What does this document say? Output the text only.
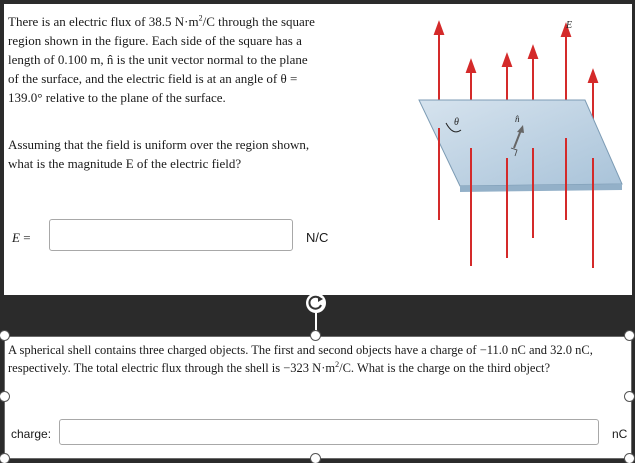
There is an electric flux of 38.5 $N\cdot m^2/C$ through the square region shown in the figure. Each side of the square has a length of 0.100 m, n̂ is the unit vector normal to the plane of the surface, and the electric field is at an angle of θ = 139.0° relative to the plane of the surface.
Assuming that the field is uniform over the region shown, what is the magnitude E of the electric field?
E =	N/C
θ	n̂
E⃗
A spherical shell contains three charged objects. The first and second objects have a charge of −11.0 nC and 32.0 nC, respectively. The total electric flux through the shell is −323 $N\cdot m^2/C$. What is the charge on the third object?
charge:	nC
